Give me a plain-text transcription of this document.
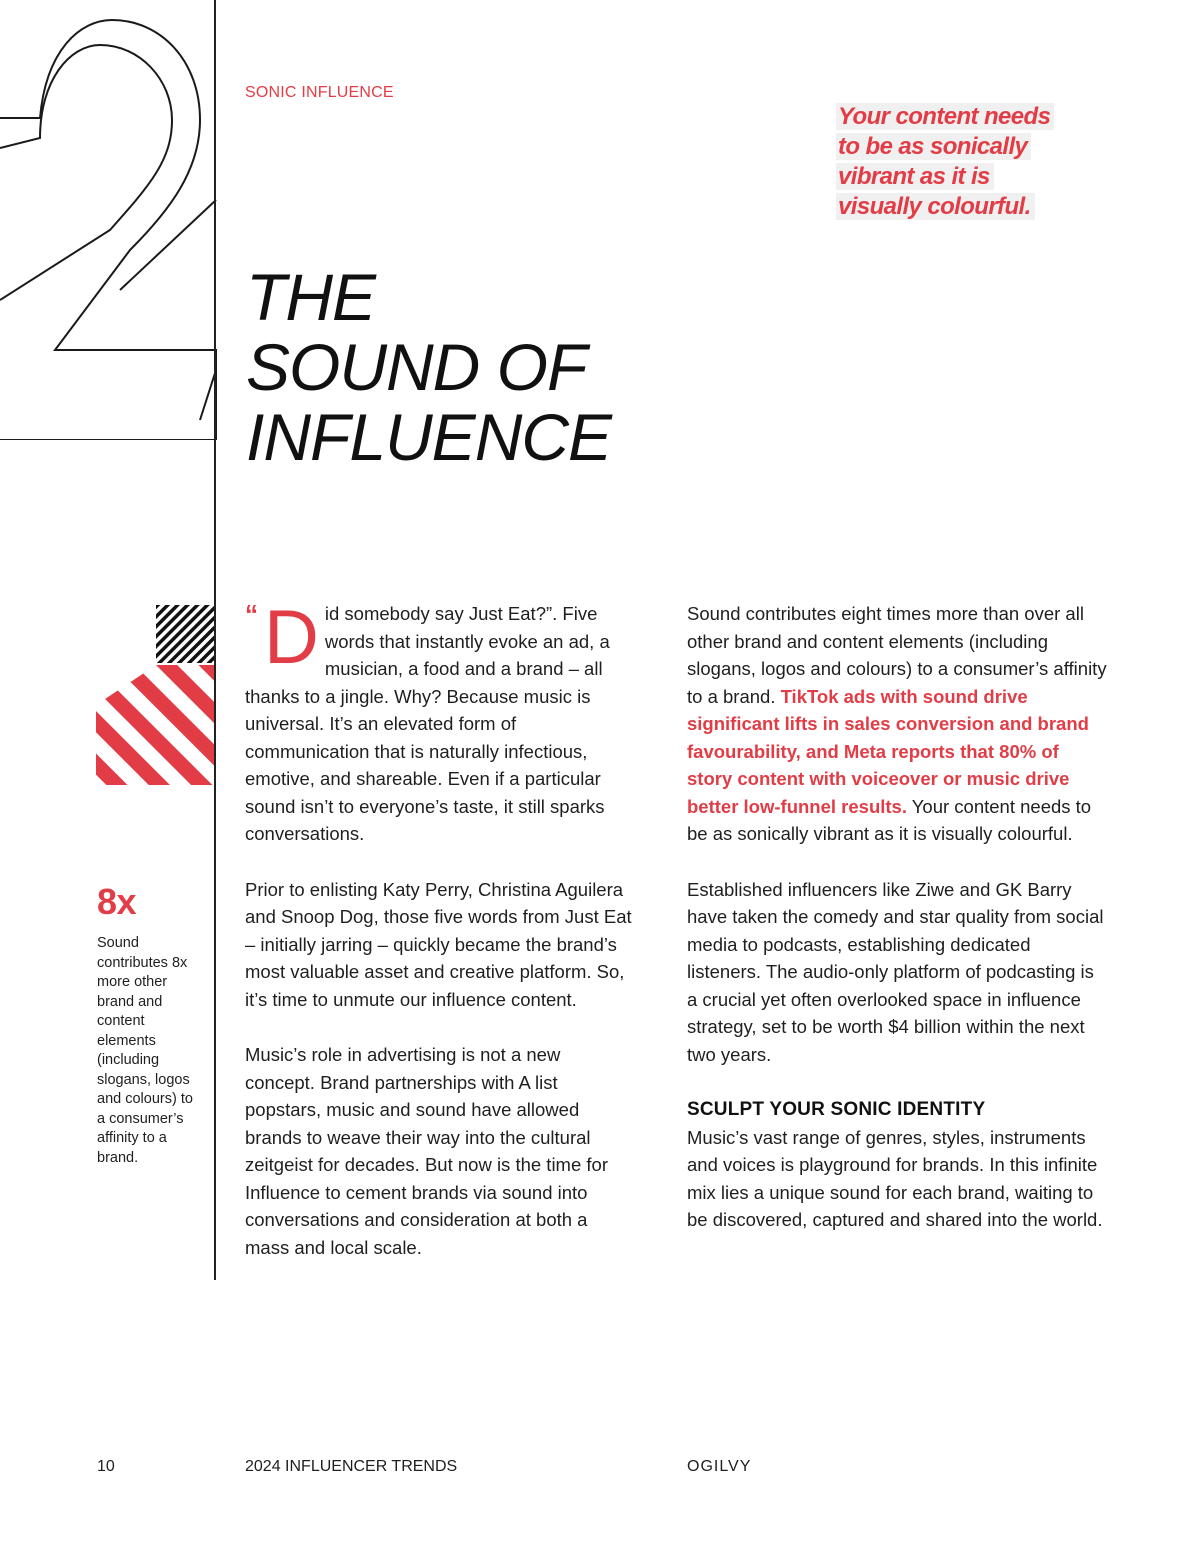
SONIC INFLUENCE
Your content needs
to be as sonically
vibrant as it is
visually colourful.
THE
SOUND OF
INFLUENCE
8x
Sound contributes 8x more other brand and content elements (including slogans, logos and colours) to a consumer’s affinity to a brand.

“ D id somebody say Just Eat?”. Five words that instantly evoke an ad, a musician, a food and a brand – all thanks to a jingle. Why? Because music is universal. It’s an elevated form of communication that is naturally infectious, emotive, and shareable. Even if a particular sound isn’t to everyone’s taste, it still sparks conversations.

Prior to enlisting Katy Perry, Christina Aguilera and Snoop Dog, those five words from Just Eat – initially jarring – quickly became the brand’s most valuable asset and creative platform. So, it’s time to unmute our influence content.

Music’s role in advertising is not a new concept. Brand partnerships with A list popstars, music and sound have allowed brands to weave their way into the cultural zeitgeist for decades. But now is the time for Influence to cement brands via sound into conversations and consideration at both a mass and local scale.

Sound contributes eight times more than over all other brand and content elements (including slogans, logos and colours) to a consumer’s affinity to a brand. TikTok ads with sound drive significant lifts in sales conversion and brand favourability, and Meta reports that 80% of story content with voiceover or music drive better low-funnel results. Your content needs to be as sonically vibrant as it is visually colourful.

Established influencers like Ziwe and GK Barry have taken the comedy and star quality from social media to podcasts, establishing dedicated listeners. The audio-only platform of podcasting is a crucial yet often overlooked space in influence strategy, set to be worth $4 billion within the next two years.

SCULPT YOUR SONIC IDENTITY

Music’s vast range of genres, styles, instruments and voices is playground for brands. In this infinite mix lies a unique sound for each brand, waiting to be discovered, captured and shared into the world.

10	2024 INFLUENCER TRENDS	OGILVY
